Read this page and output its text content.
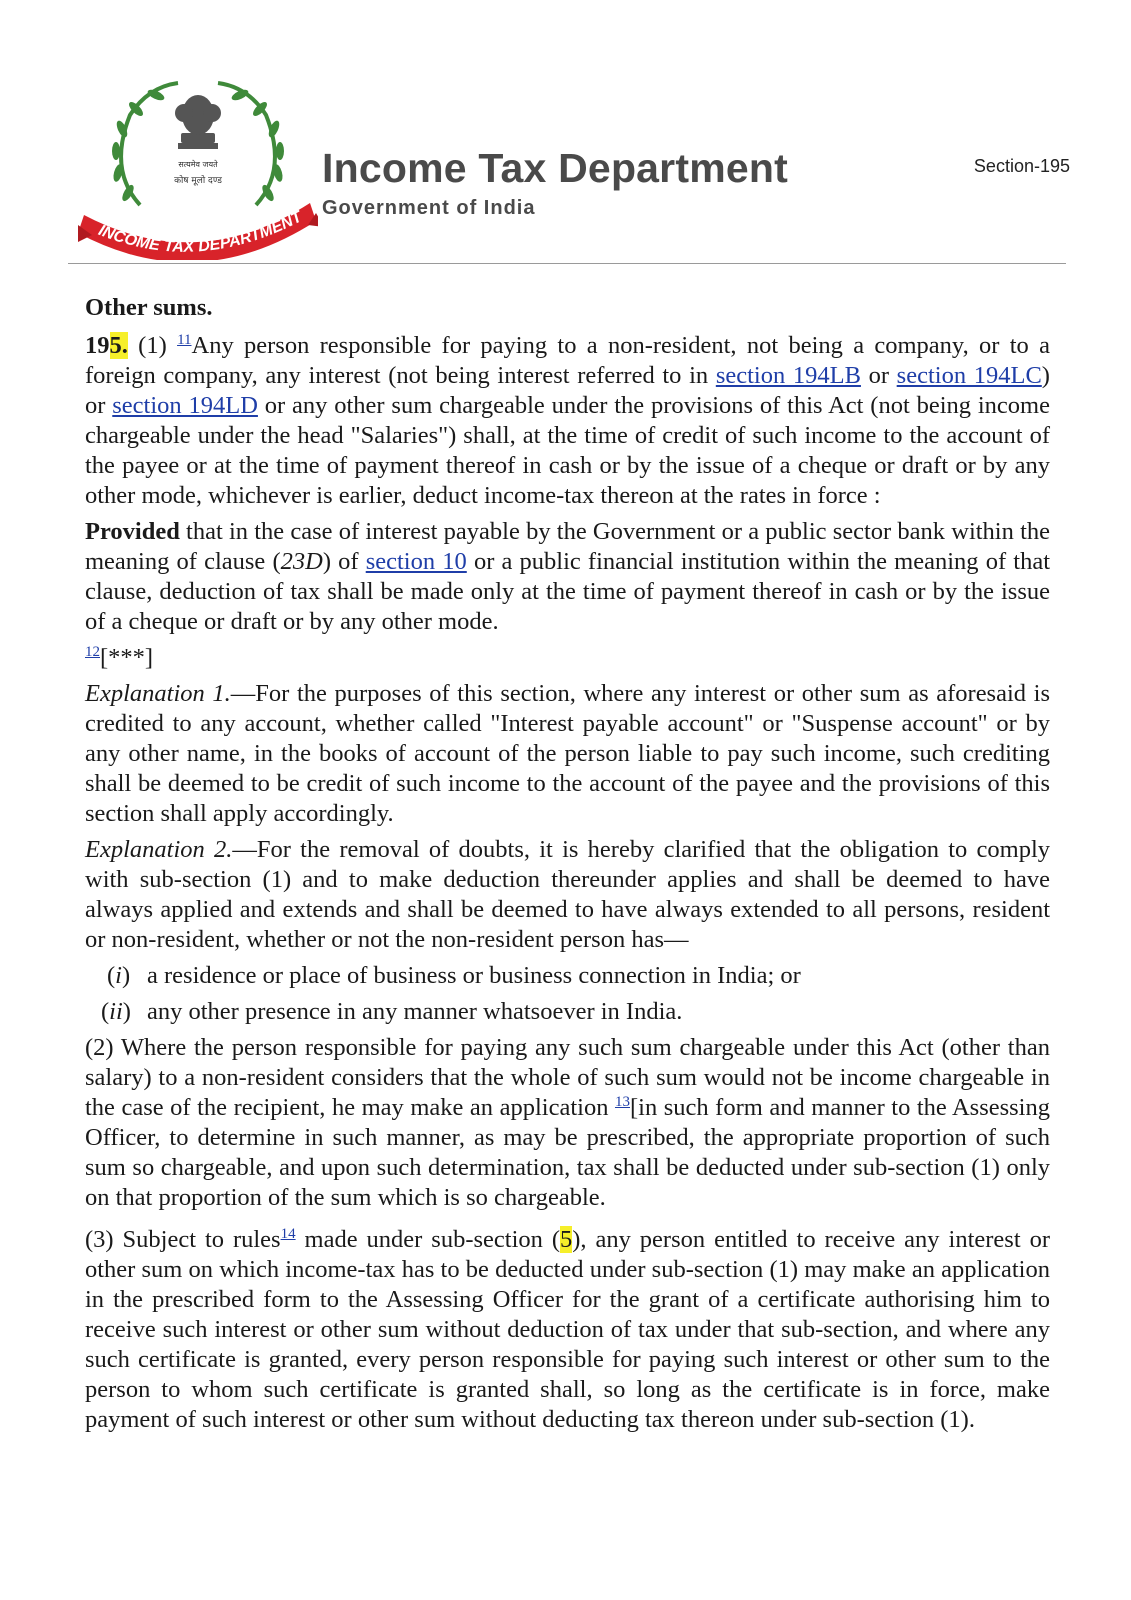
सत्यमेव जयते
कोष मूलो दण्ड
INCOME TAX DEPARTMENT
Income Tax Department
Government of India
Section-195

Other sums.

195. (1) $^{11}$Any person responsible for paying to a non-resident, not being a company, or to a foreign company, any interest (not being interest referred to in section 194LB or section 194LC) or section 194LD or any other sum chargeable under the provisions of this Act (not being income chargeable under the head "Salaries") shall, at the time of credit of such income to the account of the payee or at the time of payment thereof in cash or by the issue of a cheque or draft or by any other mode, whichever is earlier, deduct income-tax thereon at the rates in force :

Provided that in the case of interest payable by the Government or a public sector bank within the meaning of clause (23D) of section 10 or a public financial institution within the meaning of that clause, deduction of tax shall be made only at the time of payment thereof in cash or by the issue of a cheque or draft or by any other mode.

$^{12}$[***]

Explanation 1.—For the purposes of this section, where any interest or other sum as aforesaid is credited to any account, whether called "Interest payable account" or "Suspense account" or by any other name, in the books of account of the person liable to pay such income, such crediting shall be deemed to be credit of such income to the account of the payee and the provisions of this section shall apply accordingly.

Explanation 2.—For the removal of doubts, it is hereby clarified that the obligation to comply with sub-section (1) and to make deduction thereunder applies and shall be deemed to have always applied and extends and shall be deemed to have always extended to all persons, resident or non-resident, whether or not the non-resident person has—

(i) a residence or place of business or business connection in India; or

(ii) any other presence in any manner whatsoever in India.

(2) Where the person responsible for paying any such sum chargeable under this Act (other than salary) to a non-resident considers that the whole of such sum would not be income chargeable in the case of the recipient, he may make an application $^{13}$[in such form and manner to the Assessing Officer, to determine in such manner, as may be prescribed, the appropriate proportion of such sum so chargeable, and upon such determination, tax shall be deducted under sub-section (1) only on that proportion of the sum which is so chargeable.

(3) Subject to rules$^{14}$ made under sub-section (5), any person entitled to receive any interest or other sum on which income-tax has to be deducted under sub-section (1) may make an application in the prescribed form to the Assessing Officer for the grant of a certificate authorising him to receive such interest or other sum without deduction of tax under that sub-section, and where any such certificate is granted, every person responsible for paying such interest or other sum to the person to whom such certificate is granted shall, so long as the certificate is in force, make payment of such interest or other sum without deducting tax thereon under sub-section (1).
